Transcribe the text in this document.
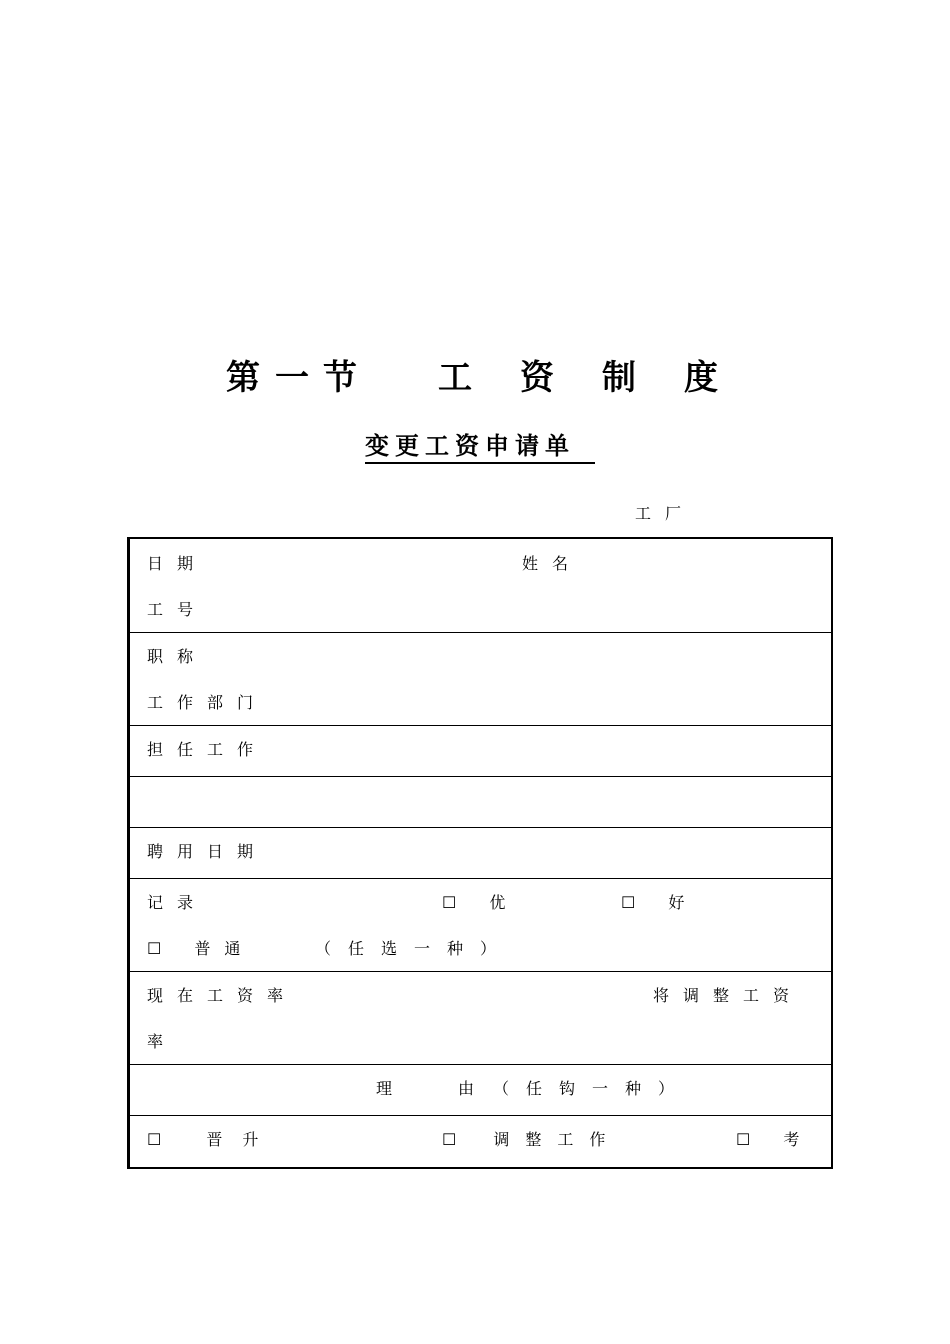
第 一 节 工 资 制 度
变更工资申请单
工厂
日期	姓名
工号
职称
工作部门
担任工作
聘用日期
记录	☐ 优	☐ 好
☐ 普通	（任选一种）
现在工资率	将调整工资
率
理	由 （任钩一种）
☐ 晋升	☐ 调整工作	☐ 考
